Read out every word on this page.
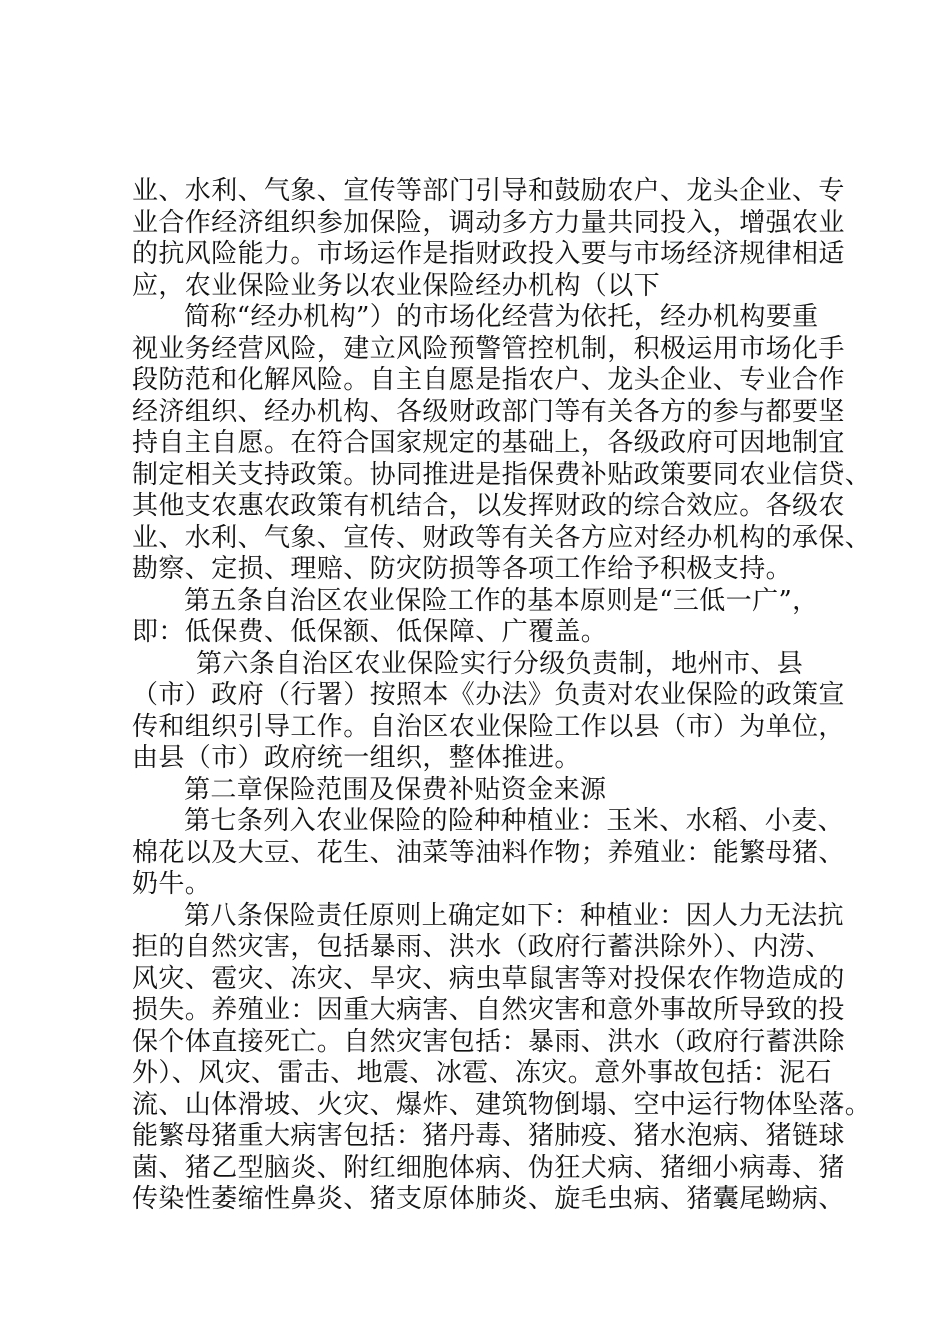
业、水利、气象、宣传等部门引导和鼓励农户、龙头企业、专
业合作经济组织参加保险，调动多方力量共同投入，增强农业
的抗风险能力。市场运作是指财政投入要与市场经济规律相适
应，农业保险业务以农业保险经办机构（以下
简称“经办机构”）的市场化经营为依托，经办机构要重
视业务经营风险，建立风险预警管控机制，积极运用市场化手
段防范和化解风险。自主自愿是指农户、龙头企业、专业合作
经济组织、经办机构、各级财政部门等有关各方的参与都要坚
持自主自愿。在符合国家规定的基础上，各级政府可因地制宜
制定相关支持政策。协同推进是指保费补贴政策要同农业信贷、
其他支农惠农政策有机结合，以发挥财政的综合效应。各级农
业、水利、气象、宣传、财政等有关各方应对经办机构的承保、
勘察、定损、理赔、防灾防损等各项工作给予积极支持。
第五条自治区农业保险工作的基本原则是“三低一广”，
即：低保费、低保额、低保障、广覆盖。
第六条自治区农业保险实行分级负责制，地州市、县
（市）政府（行署）按照本《办法》负责对农业保险的政策宣
传和组织引导工作。自治区农业保险工作以县（市）为单位，
由县（市）政府统一组织，整体推进。
第二章保险范围及保费补贴资金来源
第七条列入农业保险的险种种植业：玉米、水稻、小麦、
棉花以及大豆、花生、油菜等油料作物；养殖业：能繁母猪、
奶牛。
第八条保险责任原则上确定如下：种植业：因人力无法抗
拒的自然灾害，包括暴雨、洪水（政府行蓄洪除外）、内涝、
风灾、雹灾、冻灾、旱灾、病虫草鼠害等对投保农作物造成的
损失。养殖业：因重大病害、自然灾害和意外事故所导致的投
保个体直接死亡。自然灾害包括：暴雨、洪水（政府行蓄洪除
外）、风灾、雷击、地震、冰雹、冻灾。意外事故包括：泥石
流、山体滑坡、火灾、爆炸、建筑物倒塌、空中运行物体坠落。
能繁母猪重大病害包括：猪丹毒、猪肺疫、猪水泡病、猪链球
菌、猪乙型脑炎、附红细胞体病、伪狂犬病、猪细小病毒、猪
传染性萎缩性鼻炎、猪支原体肺炎、旋毛虫病、猪囊尾蚴病、
